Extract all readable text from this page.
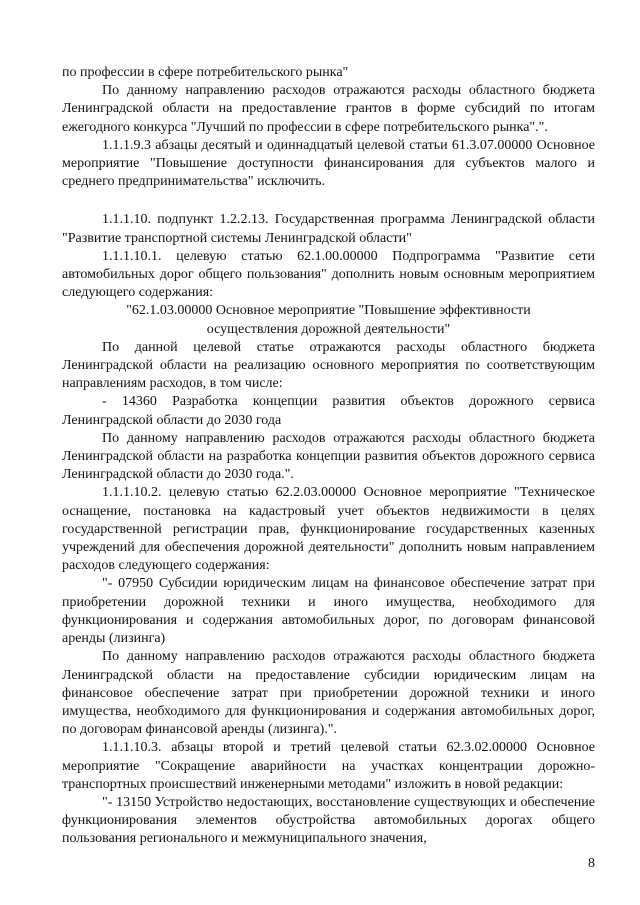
по профессии в сфере потребительского рынка"

По данному направлению расходов отражаются расходы областного бюджета Ленинградской области на предоставление грантов в форме субсидий по итогам ежегодного конкурса "Лучший по профессии в сфере потребительского рынка".".

1.1.1.9.3 абзацы десятый и одиннадцатый целевой статьи 61.3.07.00000 Основное мероприятие "Повышение доступности финансирования для субъектов малого и среднего предпринимательства" исключить.

1.1.1.10. подпункт 1.2.2.13. Государственная программа Ленинградской области "Развитие транспортной системы Ленинградской области"

1.1.1.10.1. целевую статью 62.1.00.00000 Подпрограмма "Развитие сети автомобильных дорог общего пользования" дополнить новым основным мероприятием следующего содержания:

"62.1.03.00000 Основное мероприятие "Повышение эффективности

осуществления дорожной деятельности"

По данной целевой статье отражаются расходы областного бюджета Ленинградской области на реализацию основного мероприятия по соответствующим направлениям расходов, в том числе:

- 14360 Разработка концепции развития объектов дорожного сервиса Ленинградской области до 2030 года

По данному направлению расходов отражаются расходы областного бюджета Ленинградской области на разработка концепции развития объектов дорожного сервиса Ленинградской области до 2030 года.".

1.1.1.10.2. целевую статью 62.2.03.00000 Основное мероприятие "Техническое оснащение, постановка на кадастровый учет объектов недвижимости в целях государственной регистрации прав, функционирование государственных казенных учреждений для обеспечения дорожной деятельности" дополнить новым направлением расходов следующего содержания:

"- 07950 Субсидии юридическим лицам на финансовое обеспечение затрат при приобретении дорожной техники и иного имущества, необходимого для функционирования и содержания автомобильных дорог, по договорам финансовой аренды (лизинга)

По данному направлению расходов отражаются расходы областного бюджета Ленинградской области на предоставление субсидии юридическим лицам на финансовое обеспечение затрат при приобретении дорожной техники и иного имущества, необходимого для функционирования и содержания автомобильных дорог, по договорам финансовой аренды (лизинга).".

1.1.1.10.3. абзацы второй и третий целевой статьи 62.3.02.00000 Основное мероприятие "Сокращение аварийности на участках концентрации дорожно-транспортных происшествий инженерными методами" изложить в новой редакции:

"- 13150 Устройство недостающих, восстановление существующих и обеспечение функционирования элементов обустройства автомобильных дорогах общего пользования регионального и межмуниципального значения,

8
